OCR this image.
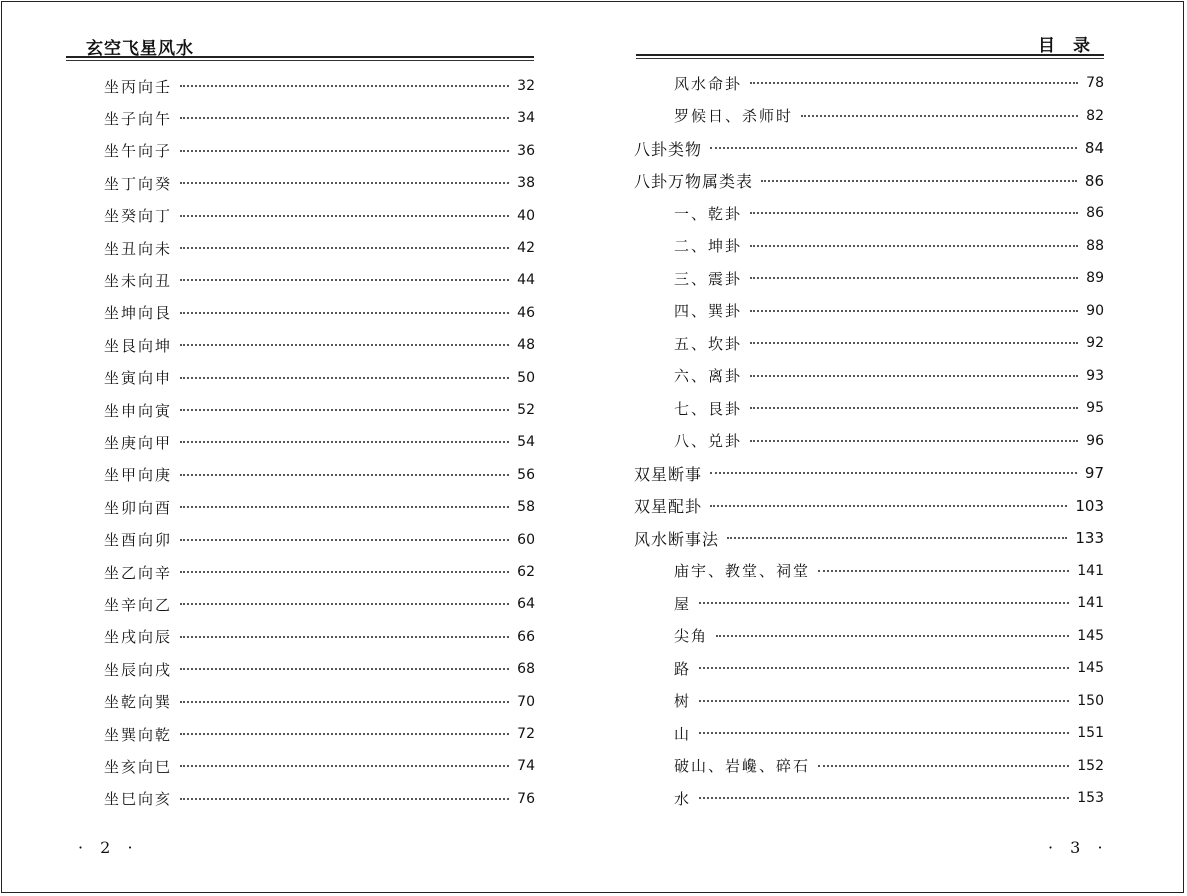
玄空飞星风水
坐丙向壬	32
坐子向午	34
坐午向子	36
坐丁向癸	38
坐癸向丁	40
坐丑向未	42
坐未向丑	44
坐坤向艮	46
坐艮向坤	48
坐寅向申	50
坐申向寅	52
坐庚向甲	54
坐甲向庚	56
坐卯向酉	58
坐酉向卯	60
坐乙向辛	62
坐辛向乙	64
坐戌向辰	66
坐辰向戌	68
坐乾向巽	70
坐巽向乾	72
坐亥向巳	74
坐巳向亥	76
· 2 ·
目录
风水命卦	78
罗候日、杀师时	82
八卦类物	84
八卦万物属类表	86
一、乾卦	86
二、坤卦	88
三、震卦	89
四、巽卦	90
五、坎卦	92
六、离卦	93
七、艮卦	95
八、兑卦	96
双星断事	97
双星配卦	103
风水断事法	133
庙宇、教堂、祠堂	141
屋	141
尖角	145
路	145
树	150
山	151
破山、岩巉、碎石	152
水	153
· 3 ·
